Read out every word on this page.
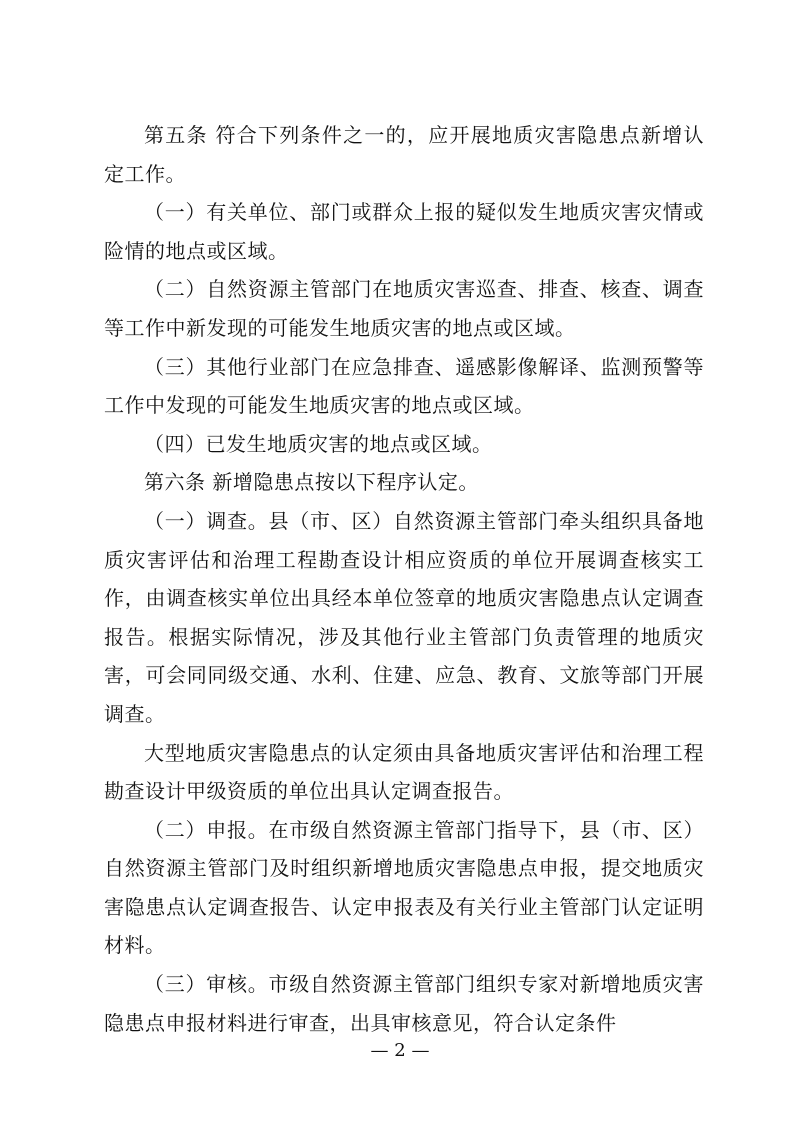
第五条 符合下列条件之一的，应开展地质灾害隐患点新增认定工作。

（一）有关单位、部门或群众上报的疑似发生地质灾害灾情或险情的地点或区域。

（二）自然资源主管部门在地质灾害巡查、排查、核查、调查等工作中新发现的可能发生地质灾害的地点或区域。

（三）其他行业部门在应急排查、遥感影像解译、监测预警等工作中发现的可能发生地质灾害的地点或区域。

（四）已发生地质灾害的地点或区域。

第六条 新增隐患点按以下程序认定。

（一）调查。县（市、区）自然资源主管部门牵头组织具备地质灾害评估和治理工程勘查设计相应资质的单位开展调查核实工作，由调查核实单位出具经本单位签章的地质灾害隐患点认定调查报告。根据实际情况，涉及其他行业主管部门负责管理的地质灾害，可会同同级交通、水利、住建、应急、教育、文旅等部门开展调查。

大型地质灾害隐患点的认定须由具备地质灾害评估和治理工程勘查设计甲级资质的单位出具认定调查报告。

（二）申报。在市级自然资源主管部门指导下，县（市、区）自然资源主管部门及时组织新增地质灾害隐患点申报，提交地质灾害隐患点认定调查报告、认定申报表及有关行业主管部门认定证明材料。

（三）审核。市级自然资源主管部门组织专家对新增地质灾害隐患点申报材料进行审查，出具审核意见，符合认定条件

— 2 —
